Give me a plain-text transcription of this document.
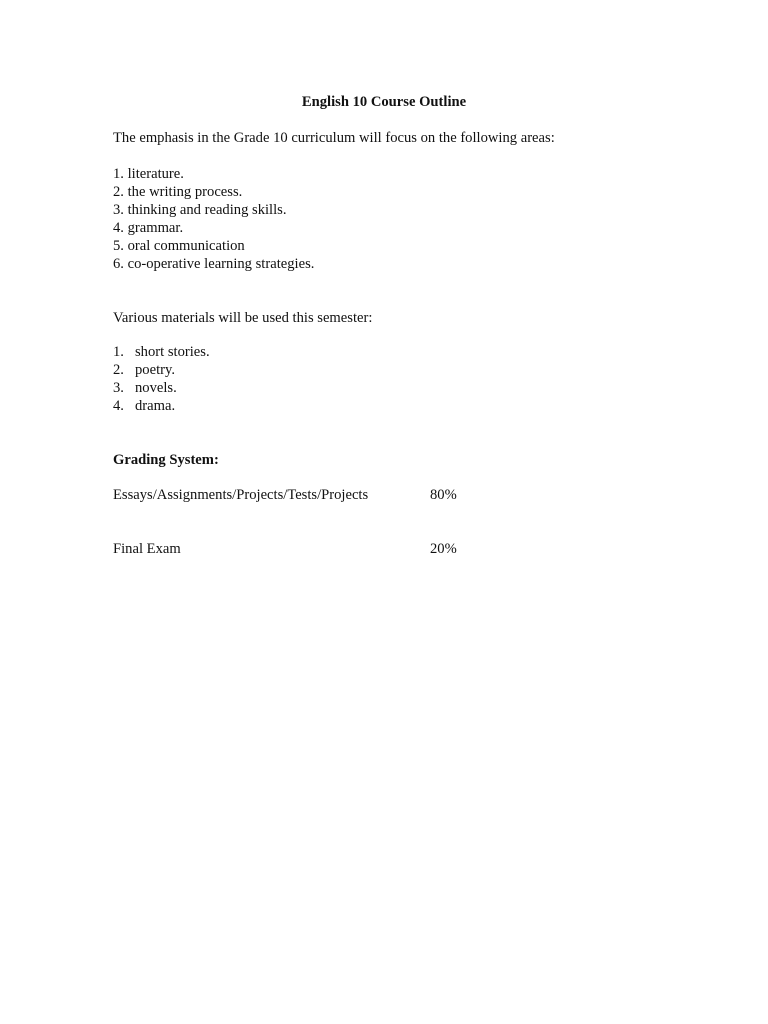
English 10 Course Outline
The emphasis in the Grade 10 curriculum will focus on the following areas:
1. literature.
2. the writing process.
3. thinking and reading skills.
4. grammar.
5. oral communication
6. co-operative learning strategies.
Various materials will be used this semester:
1. short stories.
2. poetry.
3. novels.
4. drama.
Grading System:
Essays/Assignments/Projects/Tests/Projects	80%
Final Exam	20%
